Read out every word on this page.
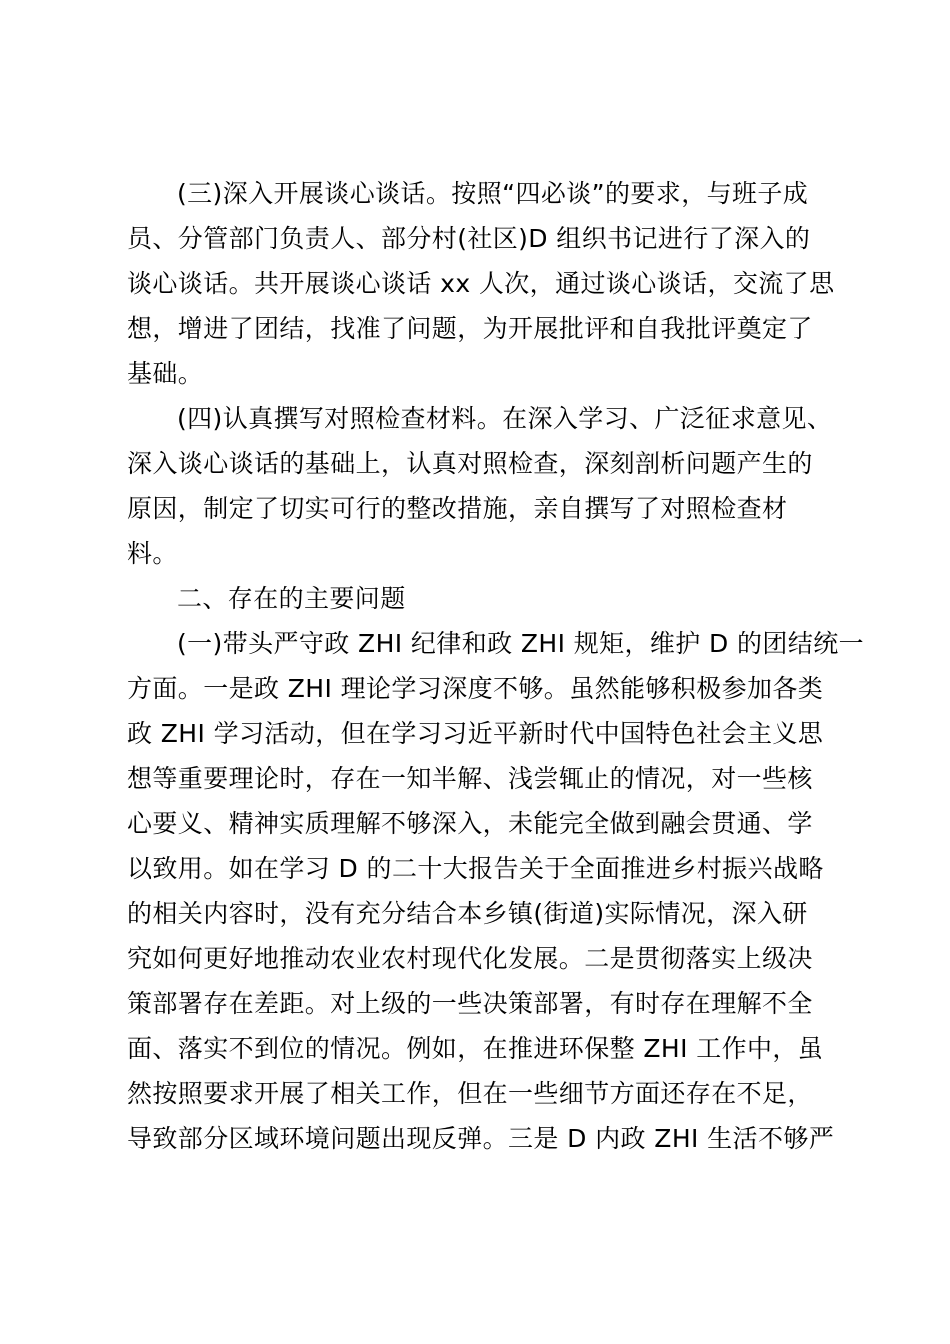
(三)深入开展谈心谈话。按照“四必谈”的要求，与班子成

员、分管部门负责人、部分村(社区)D 组织书记进行了深入的

谈心谈话。共开展谈心谈话 xx 人次，通过谈心谈话，交流了思

想，增进了团结，找准了问题，为开展批评和自我批评奠定了

基础。

(四)认真撰写对照检查材料。在深入学习、广泛征求意见、

深入谈心谈话的基础上，认真对照检查，深刻剖析问题产生的

原因，制定了切实可行的整改措施，亲自撰写了对照检查材

料。

二、存在的主要问题

(一)带头严守政 ZHI 纪律和政 ZHI 规矩，维护 D 的团结统一

方面。一是政 ZHI 理论学习深度不够。虽然能够积极参加各类

政 ZHI 学习活动，但在学习习近平新时代中国特色社会主义思

想等重要理论时，存在一知半解、浅尝辄止的情况，对一些核

心要义、精神实质理解不够深入，未能完全做到融会贯通、学

以致用。如在学习 D 的二十大报告关于全面推进乡村振兴战略

的相关内容时，没有充分结合本乡镇(街道)实际情况，深入研

究如何更好地推动农业农村现代化发展。二是贯彻落实上级决

策部署存在差距。对上级的一些决策部署，有时存在理解不全

面、落实不到位的情况。例如，在推进环保整 ZHI 工作中，虽

然按照要求开展了相关工作，但在一些细节方面还存在不足，

导致部分区域环境问题出现反弹。三是 D 内政 ZHI 生活不够严
